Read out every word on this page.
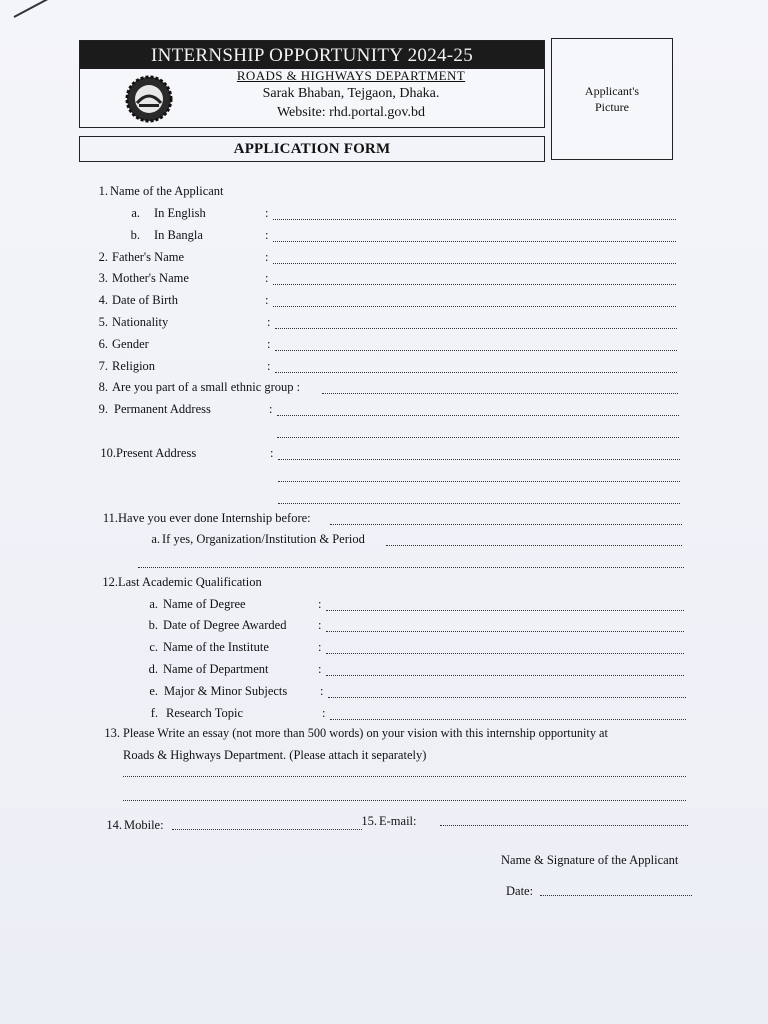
INTERNSHIP OPPORTUNITY 2024-25
ROADS & HIGHWAYS DEPARTMENT
Sarak Bhaban, Tejgaon, Dhaka.
Website: rhd.portal.gov.bd
Applicant's
Picture
APPLICATION FORM
1. Name of the Applicant
a. In English	:
b. In Bangla	:
2. Father's Name	:
3. Mother's Name	:
4. Date of Birth	:
5. Nationality	:
6. Gender	:
7. Religion	:
8. Are you part of a small ethnic group :
9. Permanent Address	:
10. Present Address	:
11. Have you ever done Internship before:
a. If yes, Organization/Institution & Period
12. Last Academic Qualification
a. Name of Degree	:
b. Date of Degree Awarded	:
c. Name of the Institute	:
d. Name of Department	:
e. Major & Minor Subjects	:
f. Research Topic	:
13. Please Write an essay (not more than 500 words) on your vision with this internship opportunity at
Roads & Highways Department. (Please attach it separately)
14. Mobile:	15. E-mail:
Name & Signature of the Applicant
Date:
